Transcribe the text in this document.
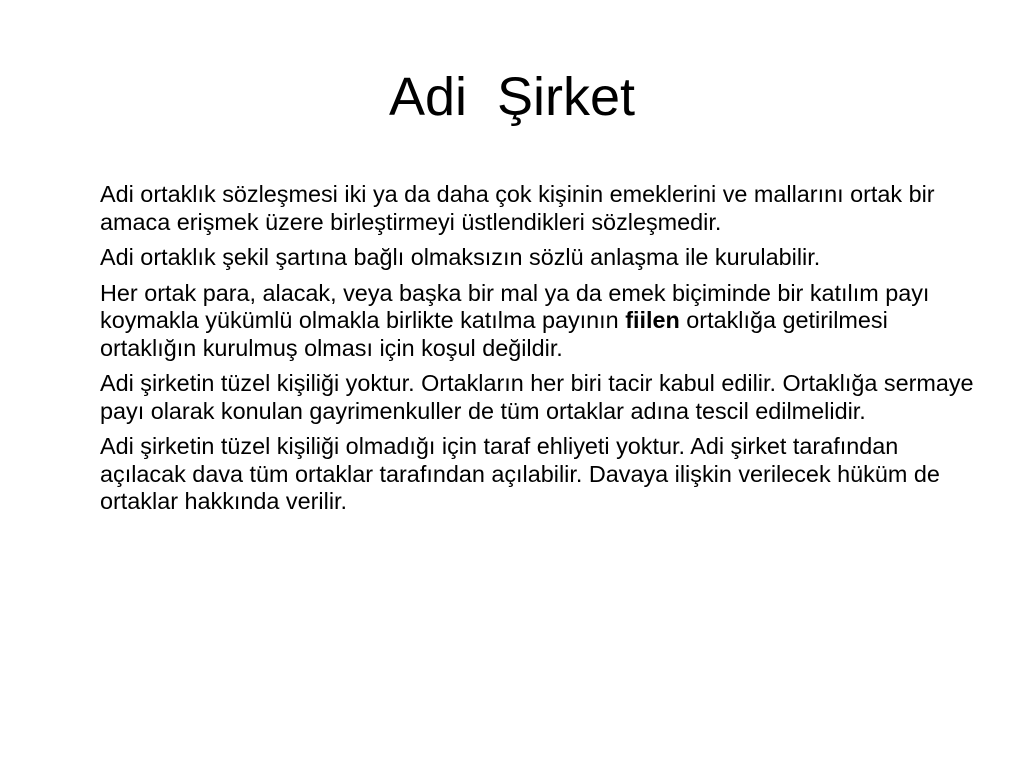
Adi  Şirket

Adi ortaklık sözleşmesi iki ya da daha çok kişinin emeklerini ve mallarını ortak bir amaca erişmek üzere birleştirmeyi üstlendikleri sözleşmedir.

Adi ortaklık şekil şartına bağlı olmaksızın sözlü anlaşma ile kurulabilir.

Her ortak para, alacak, veya başka bir mal ya da emek biçiminde bir katılım payı koymakla yükümlü olmakla birlikte katılma payının fiilen ortaklığa getirilmesi ortaklığın kurulmuş olması için koşul değildir.

Adi şirketin tüzel kişiliği yoktur. Ortakların her biri tacir kabul edilir. Ortaklığa sermaye payı olarak konulan gayrimenkuller de tüm ortaklar adına tescil edilmelidir.

Adi şirketin tüzel kişiliği olmadığı için taraf ehliyeti yoktur. Adi şirket tarafından açılacak dava tüm ortaklar tarafından açılabilir. Davaya ilişkin verilecek hüküm de ortaklar hakkında verilir.
